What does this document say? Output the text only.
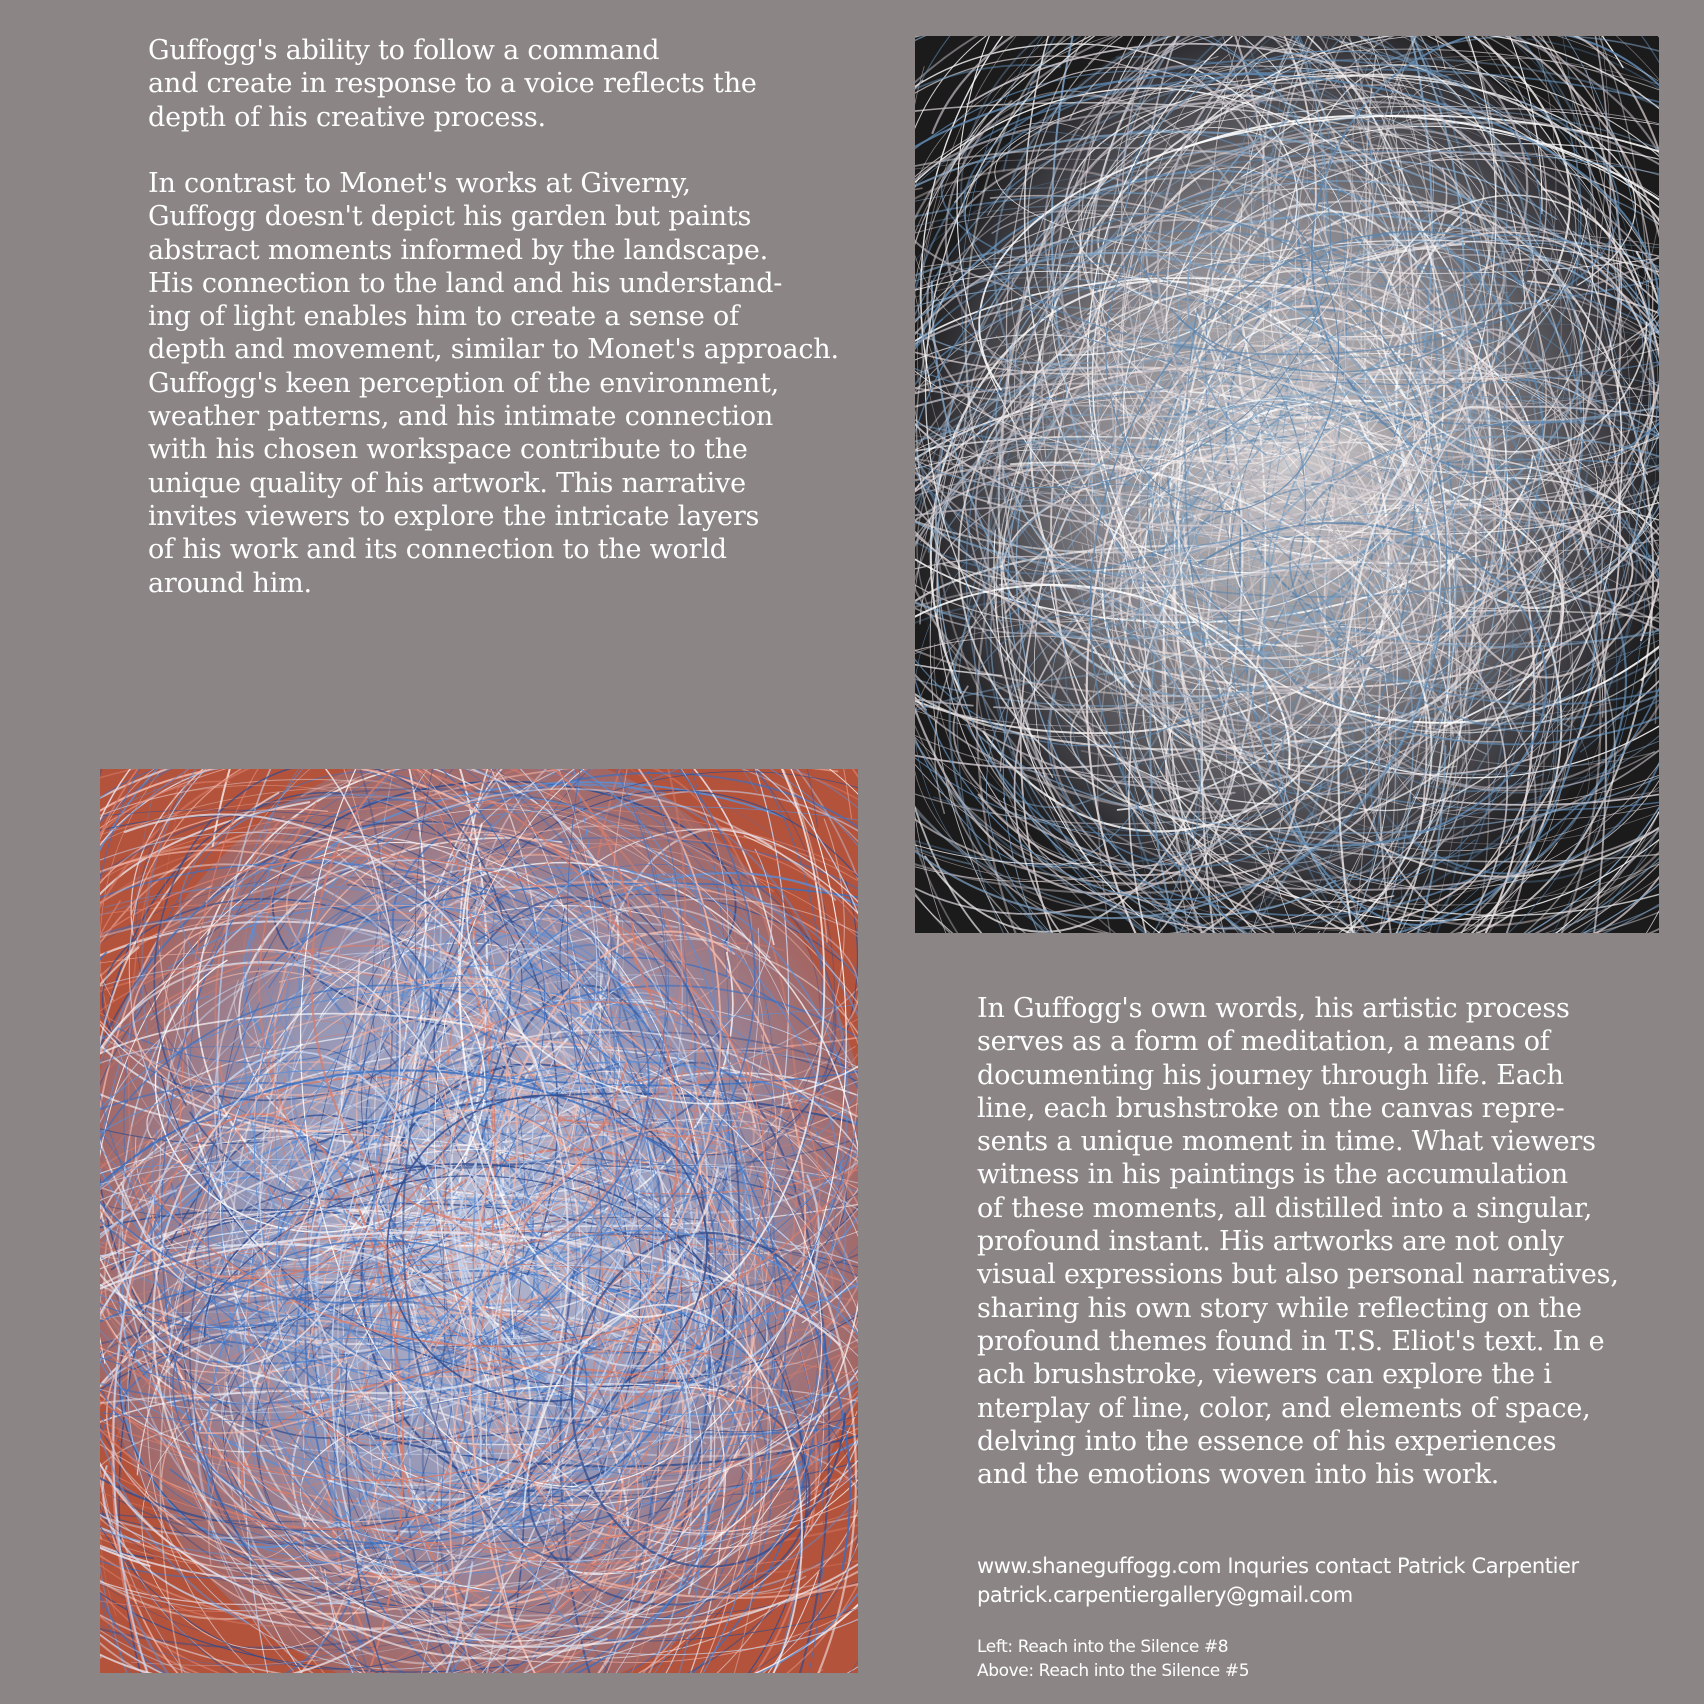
Guffogg's ability to follow a command
and create in response to a voice reflects the
depth of his creative process.
In contrast to Monet's works at Giverny,
Guffogg doesn't depict his garden but paints
abstract moments informed by the landscape.
His connection to the land and his understand-
ing of light enables him to create a sense of
depth and movement, similar to Monet's approach.
Guffogg's keen perception of the environment,
weather patterns, and his intimate connection
with his chosen workspace contribute to the
unique quality of his artwork. This narrative
invites viewers to explore the intricate layers
of his work and its connection to the world
around him.
In Guffogg's own words, his artistic process
serves as a form of meditation, a means of
documenting his journey through life. Each
line, each brushstroke on the canvas repre-
sents a unique moment in time. What viewers
witness in his paintings is the accumulation
of these moments, all distilled into a singular,
profound instant. His artworks are not only
visual expressions but also personal narratives,
sharing his own story while reflecting on the
profound themes found in T.S. Eliot's text. In e
ach brushstroke, viewers can explore the i
nterplay of line, color, and elements of space,
delving into the essence of his experiences
and the emotions woven into his work.
www.shaneguffogg.com Inquries contact Patrick Carpentier
patrick.carpentiergallery@gmail.com
Left: Reach into the Silence #8
Above: Reach into the Silence #5
